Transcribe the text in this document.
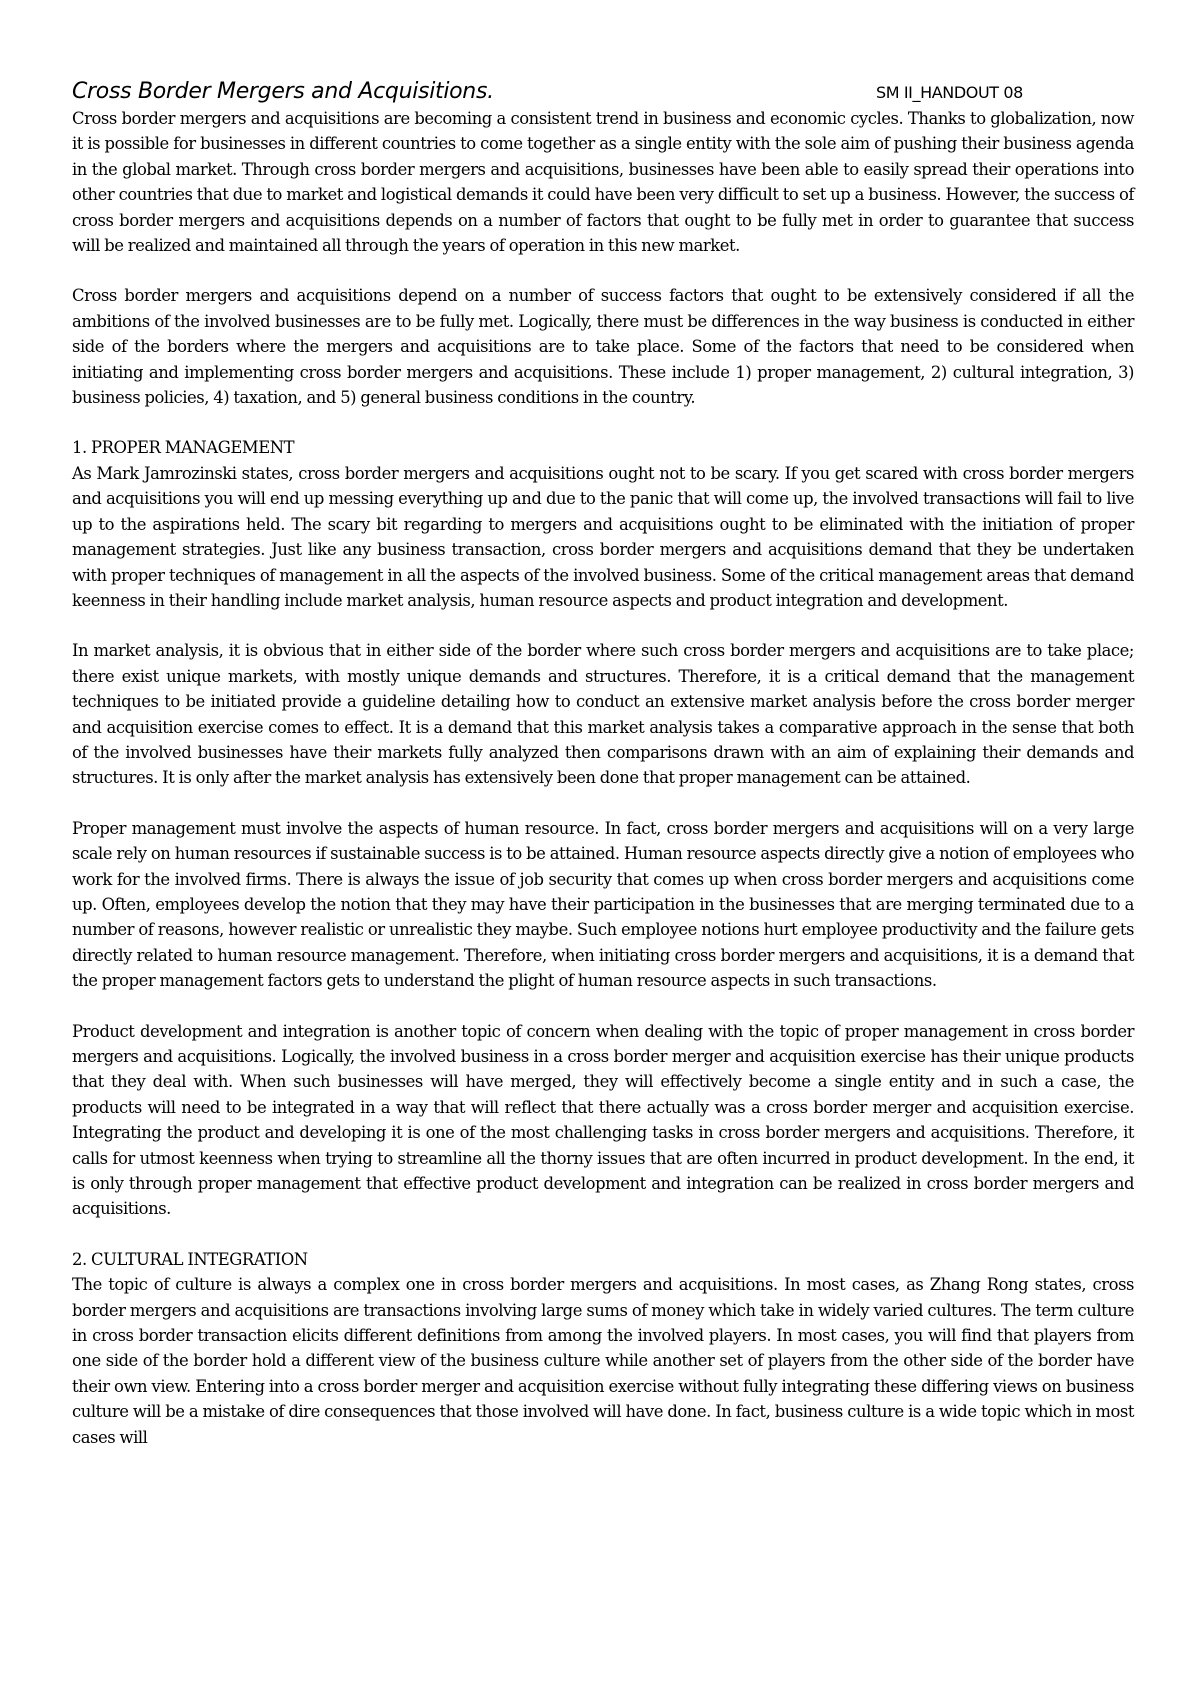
Cross Border Mergers and Acquisitions.	SM II_HANDOUT 08

Cross border mergers and acquisitions are becoming a consistent trend in business and economic cycles. Thanks to globalization, now it is possible for businesses in different countries to come together as a single entity with the sole aim of pushing their business agenda in the global market. Through cross border mergers and acquisitions, businesses have been able to easily spread their operations into other countries that due to market and logistical demands it could have been very difficult to set up a business. However, the success of cross border mergers and acquisitions depends on a number of factors that ought to be fully met in order to guarantee that success will be realized and maintained all through the years of operation in this new market.

Cross border mergers and acquisitions depend on a number of success factors that ought to be extensively considered if all the ambitions of the involved businesses are to be fully met. Logically, there must be differences in the way business is conducted in either side of the borders where the mergers and acquisitions are to take place. Some of the factors that need to be considered when initiating and implementing cross border mergers and acquisitions. These include 1) proper management, 2) cultural integration, 3) business policies, 4) taxation, and 5) general business conditions in the country.

1. PROPER MANAGEMENT

As Mark Jamrozinski states, cross border mergers and acquisitions ought not to be scary. If you get scared with cross border mergers and acquisitions you will end up messing everything up and due to the panic that will come up, the involved transactions will fail to live up to the aspirations held. The scary bit regarding to mergers and acquisitions ought to be eliminated with the initiation of proper management strategies. Just like any business transaction, cross border mergers and acquisitions demand that they be undertaken with proper techniques of management in all the aspects of the involved business. Some of the critical management areas that demand keenness in their handling include market analysis, human resource aspects and product integration and development.

In market analysis, it is obvious that in either side of the border where such cross border mergers and acquisitions are to take place; there exist unique markets, with mostly unique demands and structures. Therefore, it is a critical demand that the management techniques to be initiated provide a guideline detailing how to conduct an extensive market analysis before the cross border merger and acquisition exercise comes to effect. It is a demand that this market analysis takes a comparative approach in the sense that both of the involved businesses have their markets fully analyzed then comparisons drawn with an aim of explaining their demands and structures. It is only after the market analysis has extensively been done that proper management can be attained.

Proper management must involve the aspects of human resource. In fact, cross border mergers and acquisitions will on a very large scale rely on human resources if sustainable success is to be attained. Human resource aspects directly give a notion of employees who work for the involved firms. There is always the issue of job security that comes up when cross border mergers and acquisitions come up. Often, employees develop the notion that they may have their participation in the businesses that are merging terminated due to a number of reasons, however realistic or unrealistic they maybe. Such employee notions hurt employee productivity and the failure gets directly related to human resource management. Therefore, when initiating cross border mergers and acquisitions, it is a demand that the proper management factors gets to understand the plight of human resource aspects in such transactions.

Product development and integration is another topic of concern when dealing with the topic of proper management in cross border mergers and acquisitions. Logically, the involved business in a cross border merger and acquisition exercise has their unique products that they deal with. When such businesses will have merged, they will effectively become a single entity and in such a case, the products will need to be integrated in a way that will reflect that there actually was a cross border merger and acquisition exercise. Integrating the product and developing it is one of the most challenging tasks in cross border mergers and acquisitions. Therefore, it calls for utmost keenness when trying to streamline all the thorny issues that are often incurred in product development. In the end, it is only through proper management that effective product development and integration can be realized in cross border mergers and acquisitions.

2. CULTURAL INTEGRATION

The topic of culture is always a complex one in cross border mergers and acquisitions. In most cases, as Zhang Rong states, cross border mergers and acquisitions are transactions involving large sums of money which take in widely varied cultures. The term culture in cross border transaction elicits different definitions from among the involved players. In most cases, you will find that players from one side of the border hold a different view of the business culture while another set of players from the other side of the border have their own view. Entering into a cross border merger and acquisition exercise without fully integrating these differing views on business culture will be a mistake of dire consequences that those involved will have done. In fact, business culture is a wide topic which in most cases will
